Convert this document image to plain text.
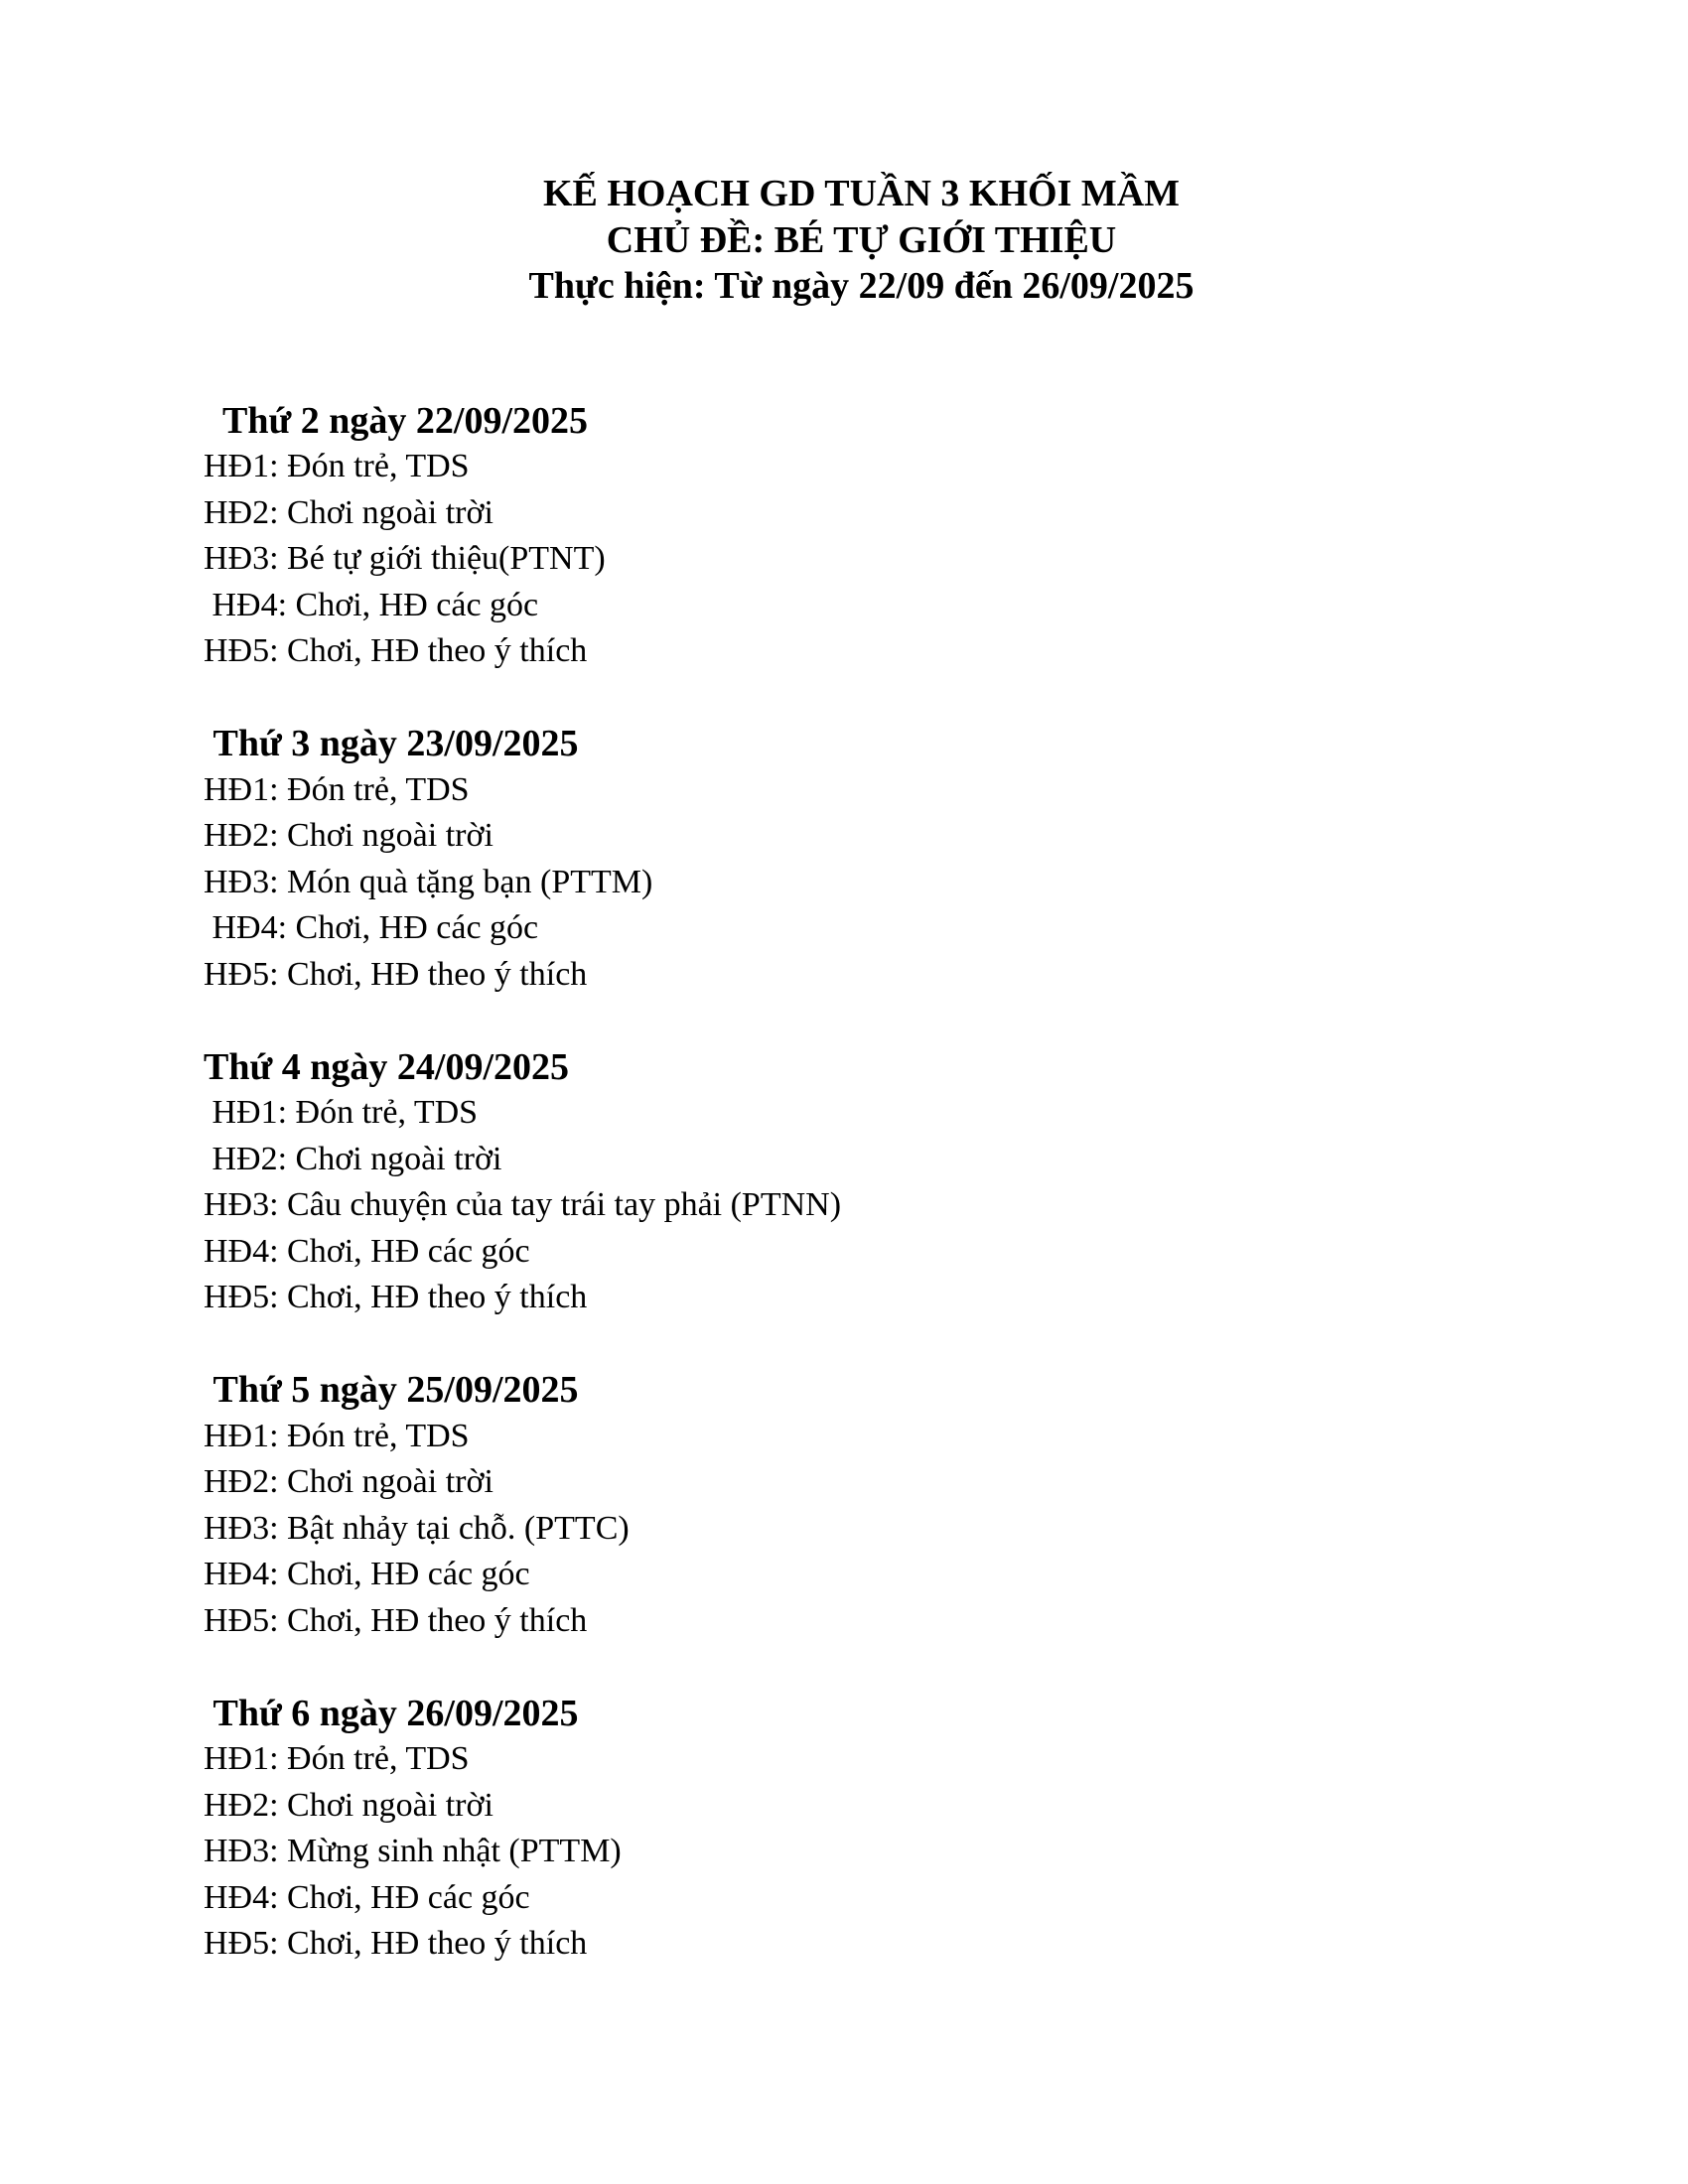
KẾ HOẠCH GD TUẦN 3 KHỐI MẦM
CHỦ ĐỀ: BÉ TỰ GIỚI THIỆU
Thực hiện: Từ ngày 22/09 đến 26/09/2025
Thứ 2 ngày 22/09/2025
HĐ1: Đón trẻ, TDS
HĐ2: Chơi ngoài trời
HĐ3: Bé tự giới thiệu(PTNT)
HĐ4: Chơi, HĐ các góc
HĐ5: Chơi, HĐ theo ý thích
Thứ 3 ngày 23/09/2025
HĐ1: Đón trẻ, TDS
HĐ2: Chơi ngoài trời
HĐ3: Món quà tặng bạn (PTTM)
HĐ4: Chơi, HĐ các góc
HĐ5: Chơi, HĐ theo ý thích
Thứ 4 ngày 24/09/2025
HĐ1: Đón trẻ, TDS
HĐ2: Chơi ngoài trời
HĐ3: Câu chuyện của tay trái tay phải (PTNN)
HĐ4: Chơi, HĐ các góc
HĐ5: Chơi, HĐ theo ý thích
Thứ 5 ngày 25/09/2025
HĐ1: Đón trẻ, TDS
HĐ2: Chơi ngoài trời
HĐ3: Bật nhảy tại chỗ. (PTTC)
HĐ4: Chơi, HĐ các góc
HĐ5: Chơi, HĐ theo ý thích
Thứ 6 ngày 26/09/2025
HĐ1: Đón trẻ, TDS
HĐ2: Chơi ngoài trời
HĐ3: Mừng sinh nhật (PTTM)
HĐ4: Chơi, HĐ các góc
HĐ5: Chơi, HĐ theo ý thích
